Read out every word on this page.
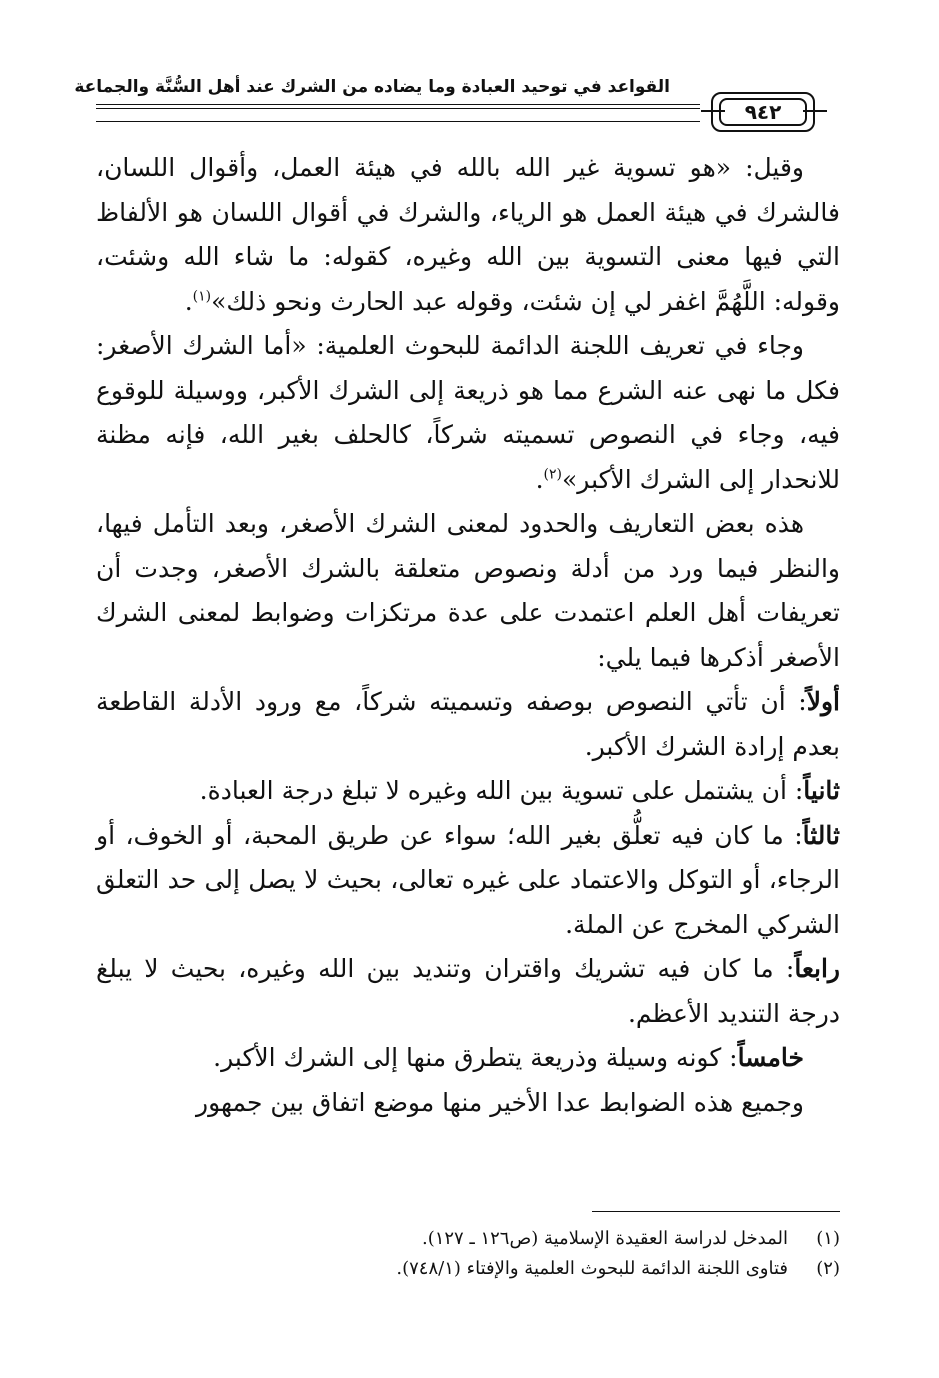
القواعد في توحيد العبادة وما يضاده من الشرك عند أهل السُّنَّة والجماعة
٩٤٢

وقيل: «هو تسوية غير الله بالله في هيئة العمل، وأقوال اللسان، فالشرك في هيئة العمل هو الرياء، والشرك في أقوال اللسان هو الألفاظ التي فيها معنى التسوية بين الله وغيره، كقوله: ما شاء الله وشئت، وقوله: اللَّهُمَّ اغفر لي إن شئت، وقوله عبد الحارث ونحو ذلك»$^{(١)}$.

وجاء في تعريف اللجنة الدائمة للبحوث العلمية: «أما الشرك الأصغر: فكل ما نهى عنه الشرع مما هو ذريعة إلى الشرك الأكبر، ووسيلة للوقوع فيه، وجاء في النصوص تسميته شركاً، كالحلف بغير الله، فإنه مظنة للانحدار إلى الشرك الأكبر»$^{(٢)}$.

هذه بعض التعاريف والحدود لمعنى الشرك الأصغر، وبعد التأمل فيها، والنظر فيما ورد من أدلة ونصوص متعلقة بالشرك الأصغر، وجدت أن تعريفات أهل العلم اعتمدت على عدة مرتكزات وضوابط لمعنى الشرك الأصغر أذكرها فيما يلي:

أولاً: أن تأتي النصوص بوصفه وتسميته شركاً، مع ورود الأدلة القاطعة بعدم إرادة الشرك الأكبر.

ثانياً: أن يشتمل على تسوية بين الله وغيره لا تبلغ درجة العبادة.

ثالثاً: ما كان فيه تعلُّق بغير الله؛ سواء عن طريق المحبة، أو الخوف، أو الرجاء، أو التوكل والاعتماد على غيره تعالى، بحيث لا يصل إلى حد التعلق الشركي المخرج عن الملة.

رابعاً: ما كان فيه تشريك واقتران وتنديد بين الله وغيره، بحيث لا يبلغ درجة التنديد الأعظم.

خامساً: كونه وسيلة وذريعة يتطرق منها إلى الشرك الأكبر.

وجميع هذه الضوابط عدا الأخير منها موضع اتفاق بين جمهور

(١)المدخل لدراسة العقيدة الإسلامية (ص١٢٦ ـ ١٢٧).
(٢)فتاوى اللجنة الدائمة للبحوث العلمية والإفتاء (٧٤٨/١).
